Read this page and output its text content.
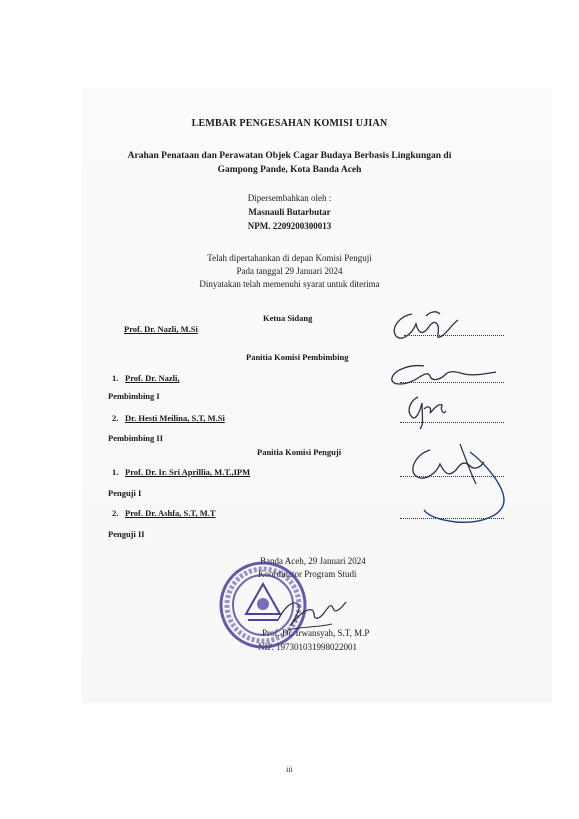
LEMBAR PENGESAHAN KOMISI UJIAN
Arahan Penataan dan Perawatan Objek Cagar Budaya Berbasis Lingkungan di
Gampong Pande, Kota Banda Aceh
Dipersembahkan oleh :
Masnauli Butarbutar
NPM. 2209200300013
Telah dipertahankan di depan Komisi Penguji
Pada tanggal 29 Januari 2024
Dinyatakan telah memenuhi syarat untuk diterima
Ketua Sidang
Prof. Dr. Nazli, M.Si
Panitia Komisi Pembimbing
1. Prof. Dr. Nazli,
Pembimbing I
2. Dr. Hesti Meilina, S.T, M.Si
Pembimbing II
Panitia Komisi Penguji
1. Prof. Dr. Ir. Sri Aprillia, M.T.,IPM
Penguji I
2. Prof. Dr. Ashfa, S.T, M.T
Penguji II
Banda Aceh, 29 Januari 2024
Koordinator Program Studi
Prof. Dr. Irwansyah, S.T, M.P
NIP. 197301031998022001
iii
